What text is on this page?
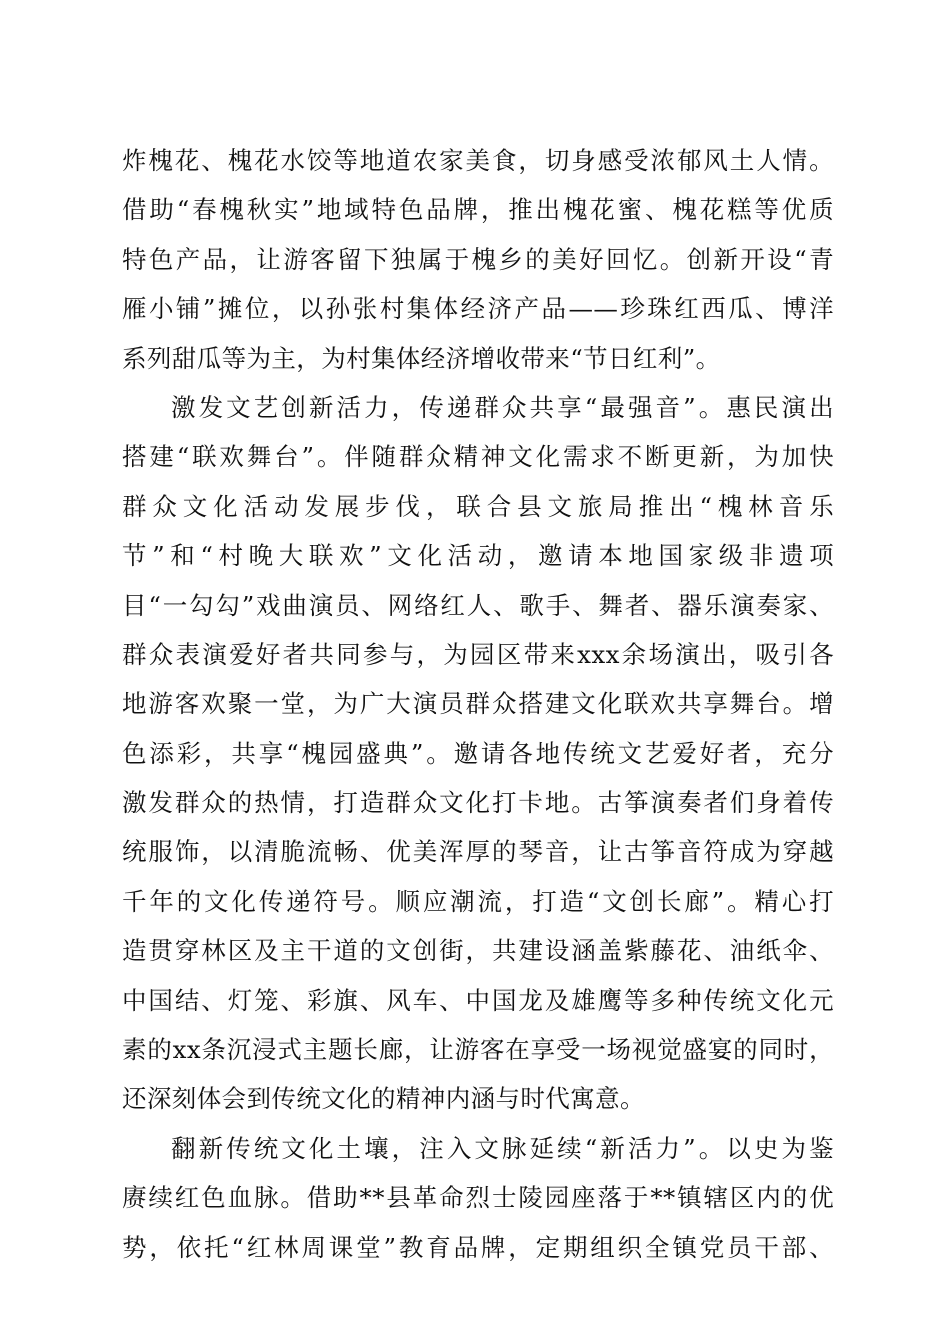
炸槐花、槐花水饺等地道农家美食，切身感受浓郁风土人情。
借助“春槐秋实”地域特色品牌，推出槐花蜜、槐花糕等优质
特色产品，让游客留下独属于槐乡的美好回忆。创新开设“青
雁小铺”摊位，以孙张村集体经济产品——珍珠红西瓜、博洋
系列甜瓜等为主，为村集体经济增收带来“节日红利”。
激发文艺创新活力，传递群众共享“最强音”。惠民演出
搭建“联欢舞台”。伴随群众精神文化需求不断更新，为加快
群众文化活动发展步伐，联合县文旅局推出“槐林音乐
节”和“村晚大联欢”文化活动，邀请本地国家级非遗项
目“一勾勾”戏曲演员、网络红人、歌手、舞者、器乐演奏家、
群众表演爱好者共同参与，为园区带来xxx余场演出，吸引各
地游客欢聚一堂，为广大演员群众搭建文化联欢共享舞台。增
色添彩，共享“槐园盛典”。邀请各地传统文艺爱好者，充分
激发群众的热情，打造群众文化打卡地。古筝演奏者们身着传
统服饰，以清脆流畅、优美浑厚的琴音，让古筝音符成为穿越
千年的文化传递符号。顺应潮流，打造“文创长廊”。精心打
造贯穿林区及主干道的文创街，共建设涵盖紫藤花、油纸伞、
中国结、灯笼、彩旗、风车、中国龙及雄鹰等多种传统文化元
素的xx条沉浸式主题长廊，让游客在享受一场视觉盛宴的同时，
还深刻体会到传统文化的精神内涵与时代寓意。
翻新传统文化土壤，注入文脉延续“新活力”。以史为鉴
赓续红色血脉。借助**县革命烈士陵园座落于**镇辖区内的优
势，依托“红林周课堂”教育品牌，定期组织全镇党员干部、
